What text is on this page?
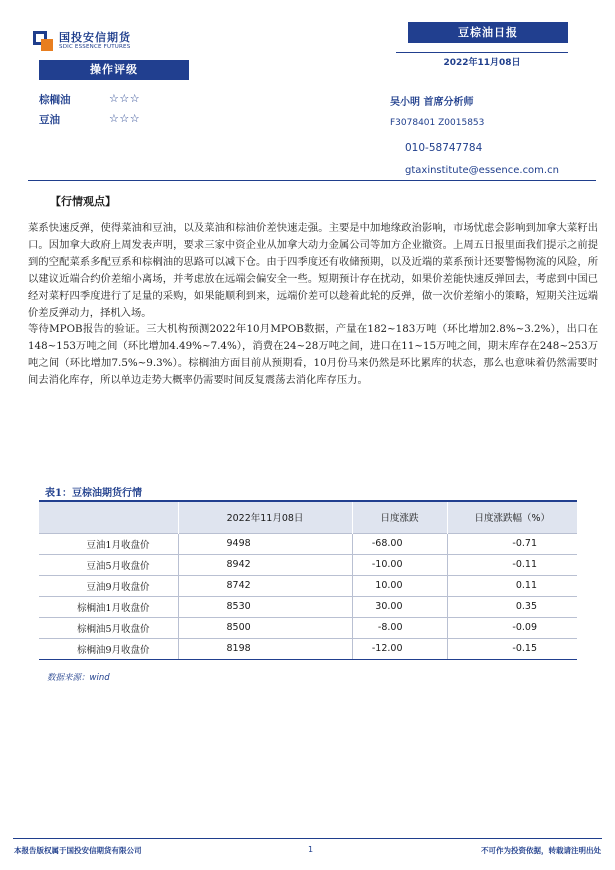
国投安信期货
SDIC ESSENCE FUTURES
豆棕油日报
2022年11月08日
操作评级
棕榈油	☆☆☆
豆油	☆☆☆
吴小明 首席分析师
F3078401 Z0015853
010-58747784
gtaxinstitute@essence.com.cn
【行情观点】

菜系快速反弹，使得菜油和豆油，以及菜油和棕油价差快速走强。主要是中加地缘政治影响，市场忧虑会影响到加拿大菜籽出口。因加拿大政府上周发表声明，要求三家中资企业从加拿大动力金属公司等加方企业撤资。上周五日报里面我们提示之前提到的空配菜系多配豆系和棕榈油的思路可以减下仓。由于四季度还有收储预期，以及近端的菜系预计还要警惕物流的风险，所以建议近端合约价差缩小离场，并考虑放在远端会偏安全一些。短期预计存在扰动，如果价差能快速反弹回去，考虑到中国已经对菜籽四季度进行了足量的采购，如果能顺利到来，远端价差可以趁着此轮的反弹，做一次价差缩小的策略，短期关注远端价差反弹动力，择机入场。

等待MPOB报告的验证。三大机构预测2022年10月MPOB数据，产量在182~183万吨（环比增加2.8%~3.2%），出口在148~153万吨之间（环比增加4.49%~7.4%），消费在24~28万吨之间，进口在11~15万吨之间，期末库存在248~253万吨之间（环比增加7.5%~9.3%）。棕榈油方面目前从预期看，10月份马来仍然是环比累库的状态，那么也意味着仍然需要时间去消化库存，所以单边走势大概率仍需要时间反复震荡去消化库存压力。

表1：豆棕油期货行情
	2022年11月08日	日度涨跌	日度涨跌幅（%）
豆油1月收盘价	9498	-68.00	-0.71
豆油5月收盘价	8942	-10.00	-0.11
豆油9月收盘价	8742	10.00	0.11
棕榈油1月收盘价	8530	30.00	0.35
棕榈油5月收盘价	8500	-8.00	-0.09
棕榈油9月收盘价	8198	-12.00	-0.15
数据来源：wind
本报告版权属于国投安信期货有限公司	1	不可作为投资依据，转载请注明出处
